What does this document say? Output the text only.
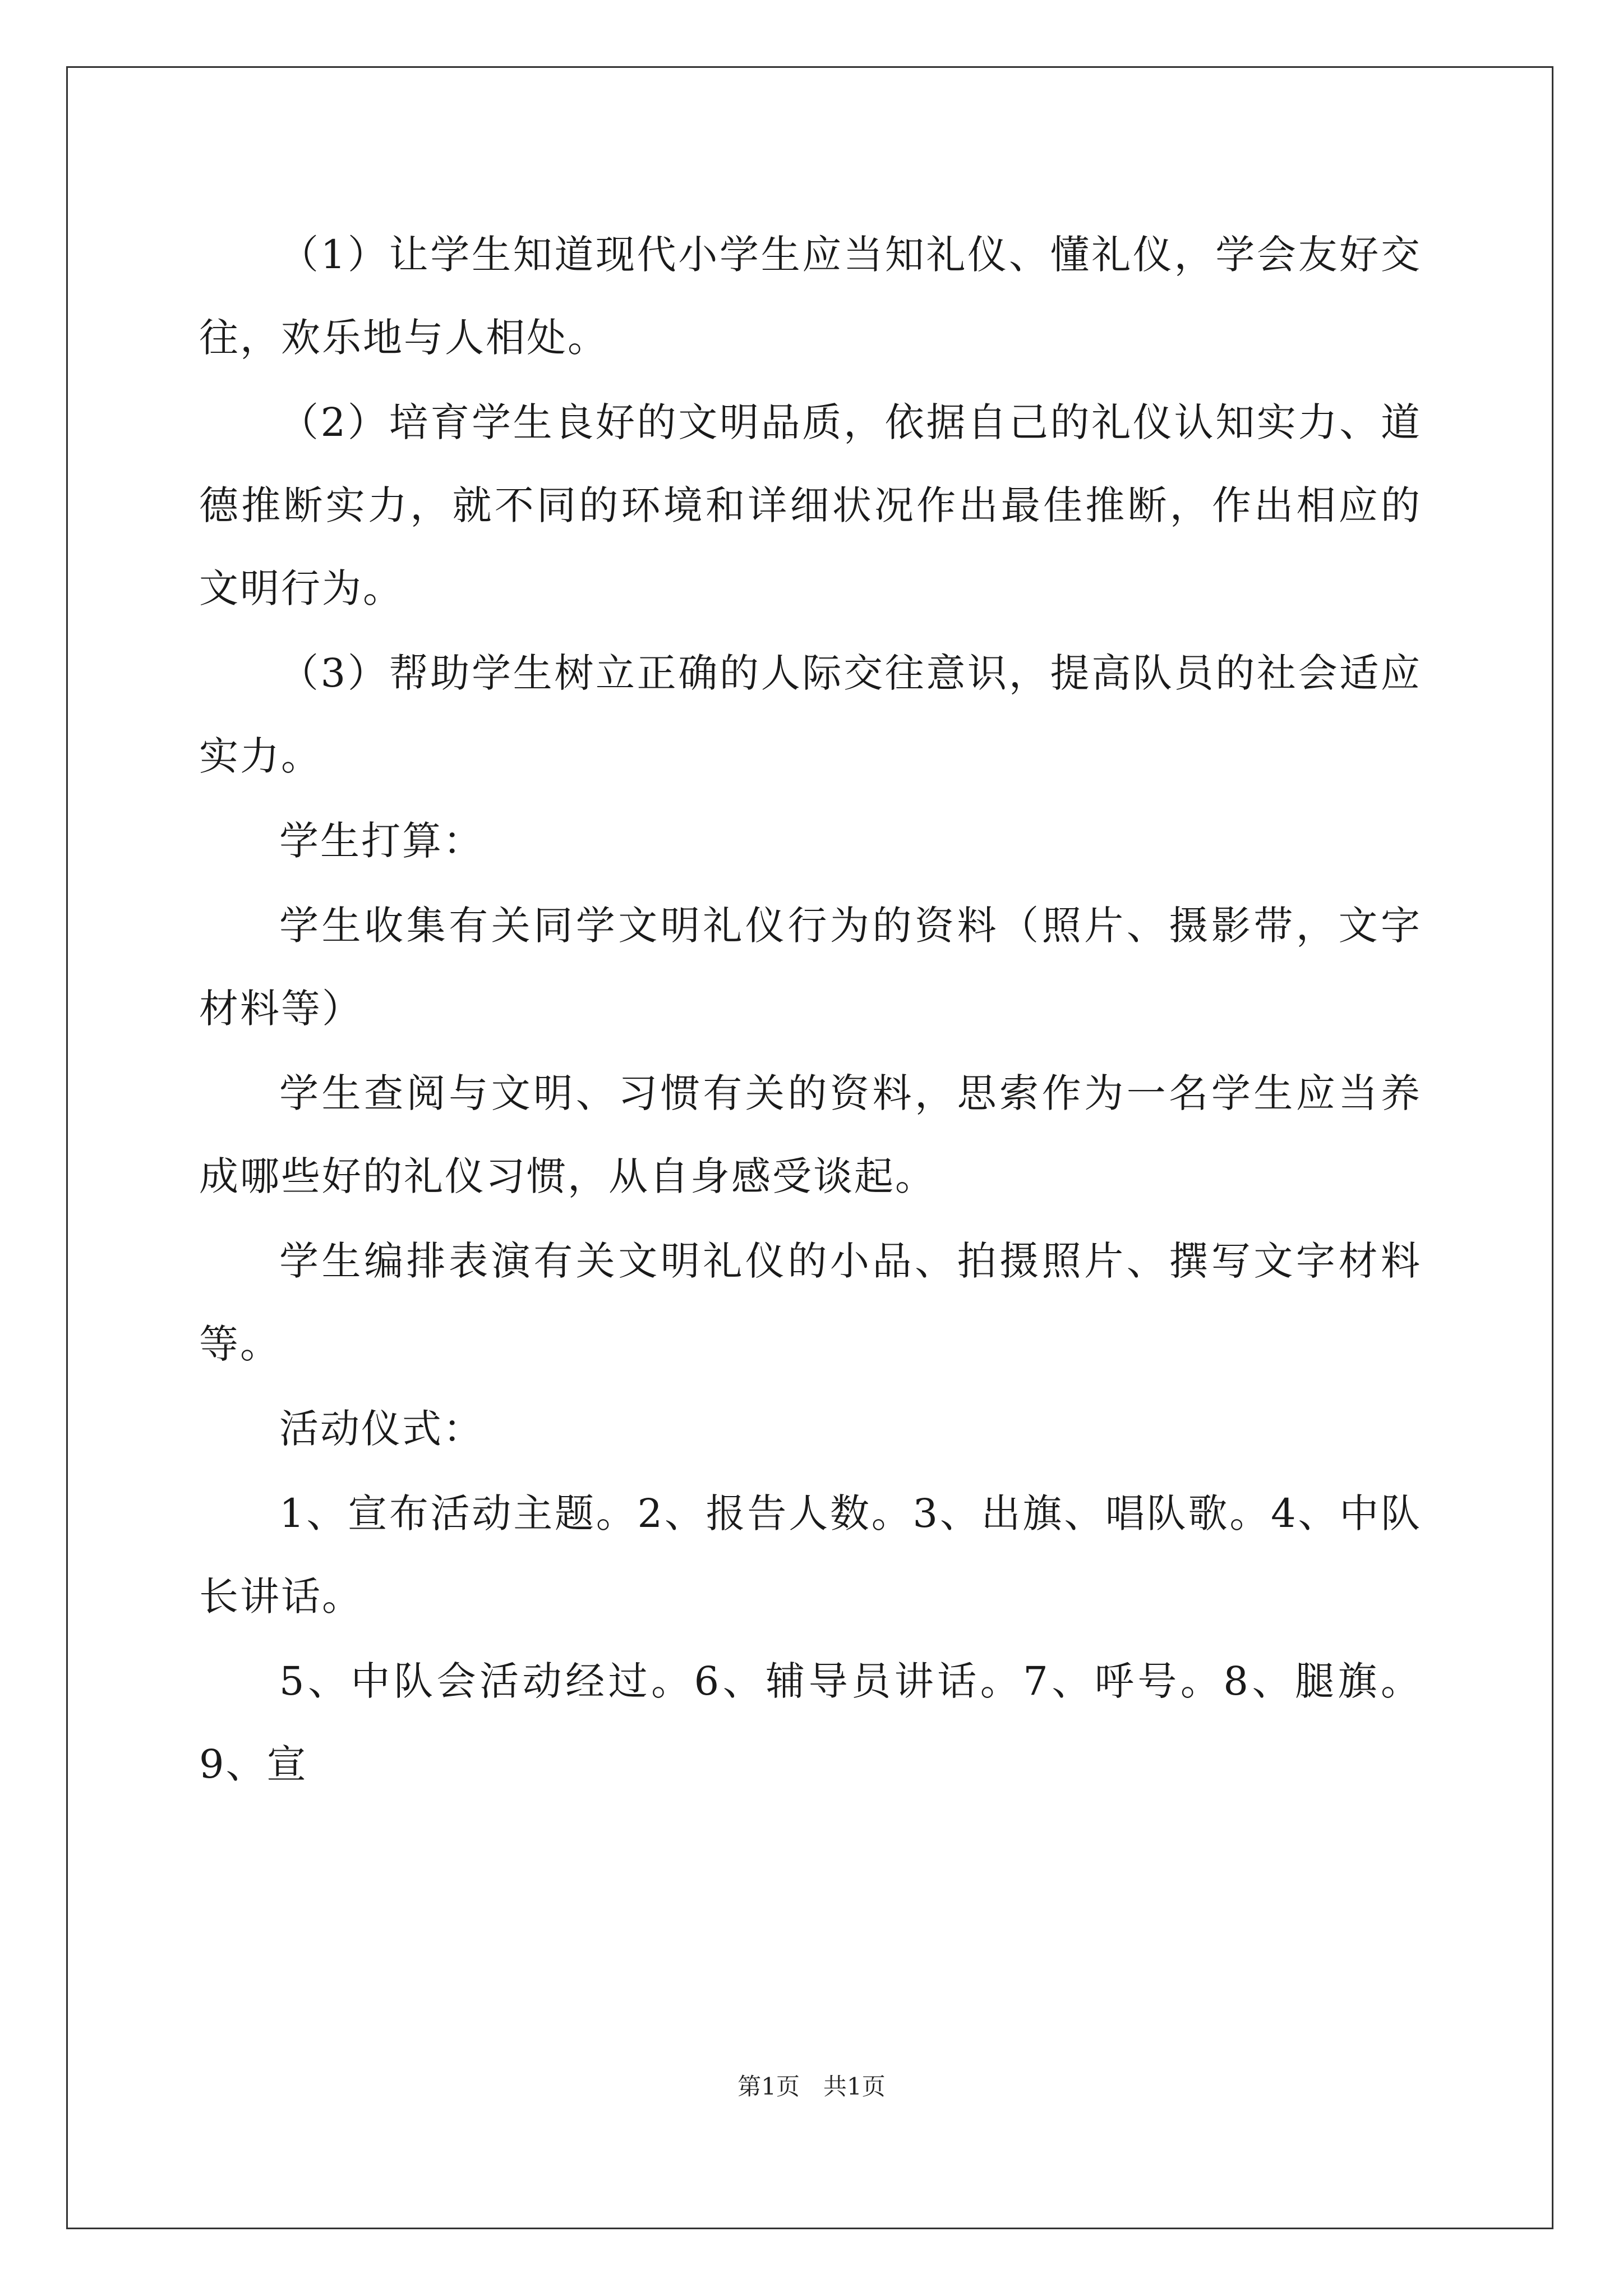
（1）让学生知道现代小学生应当知礼仪、懂礼仪，学会友好交往，欢乐地与人相处。

（2）培育学生良好的文明品质，依据自己的礼仪认知实力、道德推断实力，就不同的环境和详细状况作出最佳推断，作出相应的文明行为。

（3）帮助学生树立正确的人际交往意识，提高队员的社会适应实力。

学生打算：

学生收集有关同学文明礼仪行为的资料（照片、摄影带，文字材料等）

学生查阅与文明、习惯有关的资料，思索作为一名学生应当养成哪些好的礼仪习惯，从自身感受谈起。

学生编排表演有关文明礼仪的小品、拍摄照片、撰写文字材料等。

活动仪式：

1、宣布活动主题。2、报告人数。3、出旗、唱队歌。4、中队长讲话。

5、中队会活动经过。6、辅导员讲话。7、呼号。8、腿旗。9、宣

第1页　共1页
